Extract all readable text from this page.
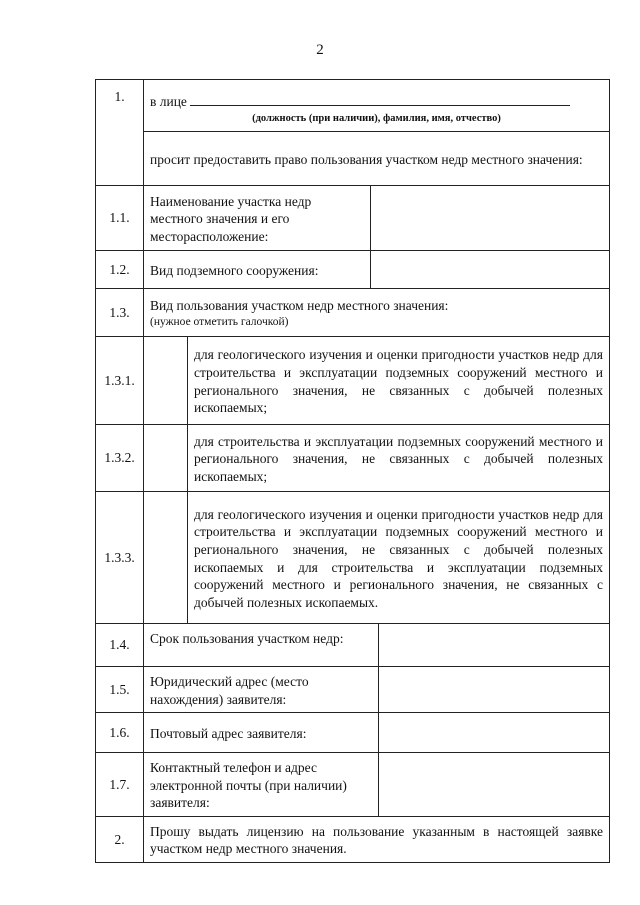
2
1.	в лице
(должность (при наличии), фамилия, имя, отчество)			

	просит предоставить право пользования участком недр местного значения:			
1.1.	Наименование участка недр местного значения и его месторасположение:			
1.2.	Вид подземного сооружения:			
1.3.	Вид пользования участком недр местного значения:
(нужное отметить галочкой)			

1.3.1.		для геологического изучения и оценки пригодности участков недр для строительства и эксплуатации подземных сооружений местного и регионального значения, не связанных с добычей полезных ископаемых;		
1.3.2.		для строительства и эксплуатации подземных сооружений местного и регионального значения, не связанных с добычей полезных ископаемых;		
1.3.3.		для геологического изучения и оценки пригодности участков недр для строительства и эксплуатации подземных сооружений местного и регионального значения, не связанных с добычей полезных ископаемых и для строительства и эксплуатации подземных сооружений местного и регионального значения, не связанных с добычей полезных ископаемых.		
1.4.	Срок пользования участком недр:			
1.5.	Юридический адрес (место нахождения) заявителя:			
1.6.	Почтовый адрес заявителя:			
1.7.	Контактный телефон и адрес электронной почты (при наличии) заявителя:			
2.	Прошу выдать лицензию на пользование указанным в настоящей заявке участком недр местного значения.			
